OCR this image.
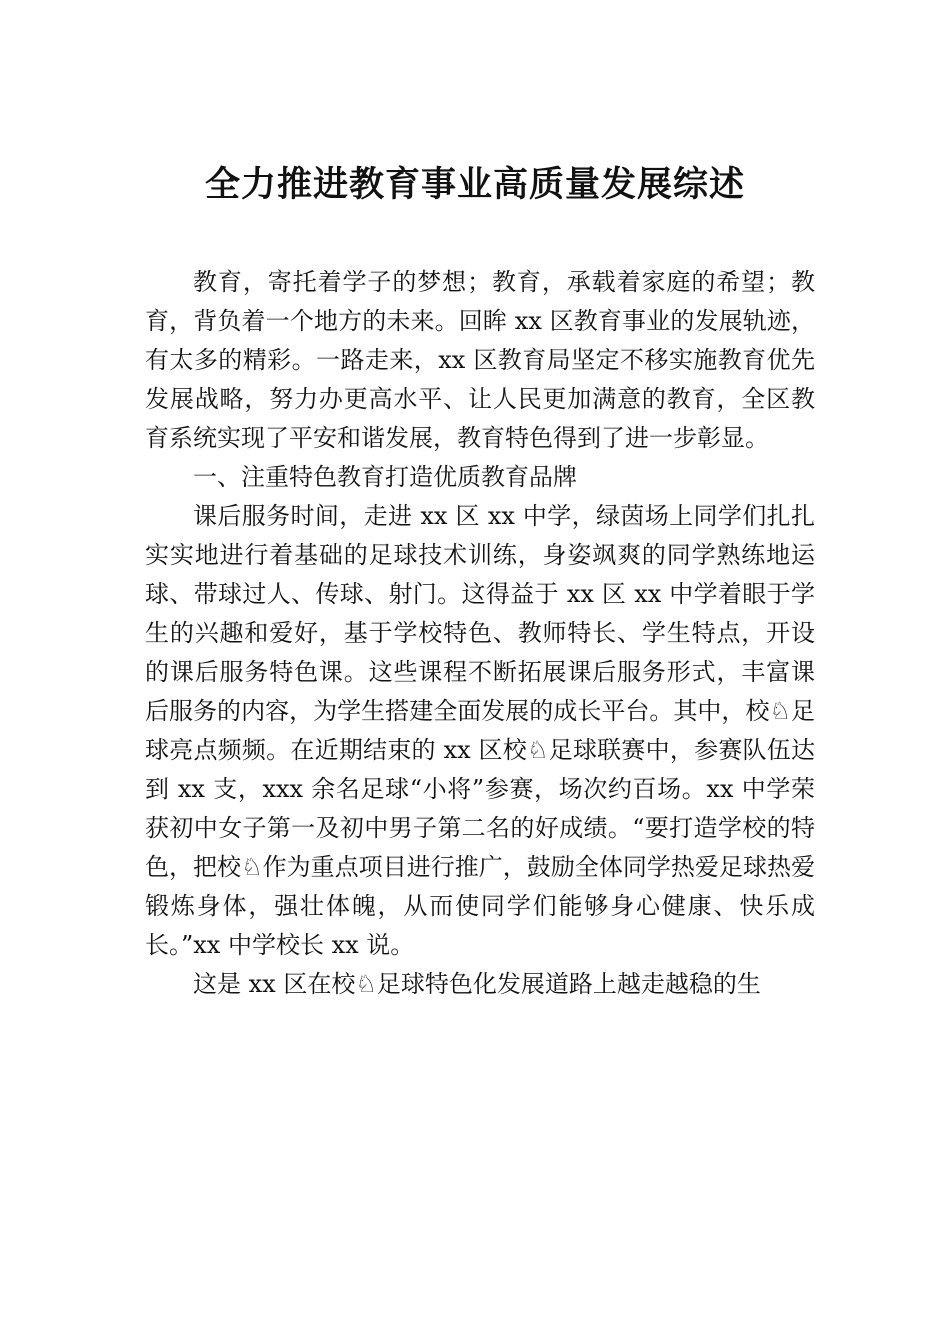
全力推进教育事业高质量发展综述

教育，寄托着学子的梦想；教育，承载着家庭的希望；教育，背负着一个地方的未来。回眸 xx 区教育事业的发展轨迹，有太多的精彩。一路走来，xx 区教育局坚定不移实施教育优先发展战略，努力办更高水平、让人民更加满意的教育，全区教育系统实现了平安和谐发展，教育特色得到了进一步彰显。

一、注重特色教育打造优质教育品牌

课后服务时间，走进 xx 区 xx 中学，绿茵场上同学们扎扎实实地进行着基础的足球技术训练，身姿飒爽的同学熟练地运球、带球过人、传球、射门。这得益于 xx 区 xx 中学着眼于学生的兴趣和爱好，基于学校特色、教师特长、学生特点，开设的课后服务特色课。这些课程不断拓展课后服务形式，丰富课后服务的内容，为学生搭建全面发展的成长平台。其中，校♘足球亮点频频。在近期结束的 xx 区校♘足球联赛中，参赛队伍达到 xx 支，xxx 余名足球“小将”参赛，场次约百场。xx 中学荣获初中女子第一及初中男子第二名的好成绩。“要打造学校的特色，把校♘作为重点项目进行推广，鼓励全体同学热爱足球热爱锻炼身体，强壮体魄，从而使同学们能够身心健康、快乐成长。”xx 中学校长 xx 说。

这是 xx 区在校♘足球特色化发展道路上越走越稳的生
